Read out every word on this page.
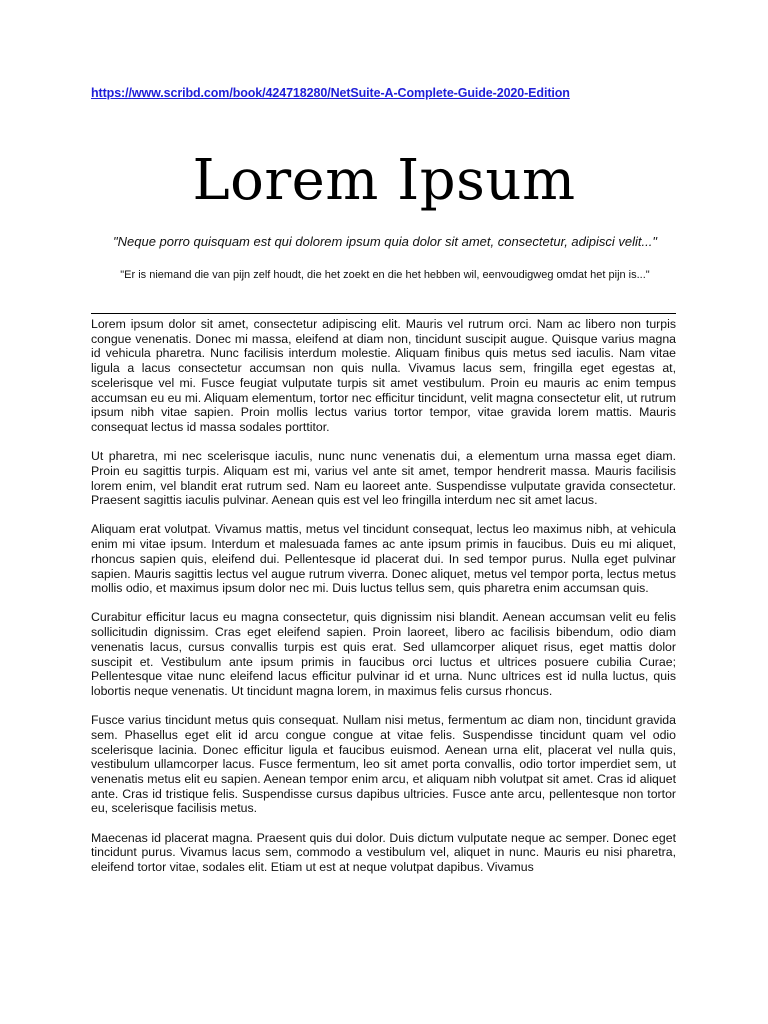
https://www.scribd.com/book/424718280/NetSuite-A-Complete-Guide-2020-Edition
Lorem Ipsum
"Neque porro quisquam est qui dolorem ipsum quia dolor sit amet, consectetur, adipisci velit..."
"Er is niemand die van pijn zelf houdt, die het zoekt en die het hebben wil, eenvoudigweg omdat het pijn is..."

Lorem ipsum dolor sit amet, consectetur adipiscing elit. Mauris vel rutrum orci. Nam ac libero non turpis congue venenatis. Donec mi massa, eleifend at diam non, tincidunt suscipit augue. Quisque varius magna id vehicula pharetra. Nunc facilisis interdum molestie. Aliquam finibus quis metus sed iaculis. Nam vitae ligula a lacus consectetur accumsan non quis nulla. Vivamus lacus sem, fringilla eget egestas at, scelerisque vel mi. Fusce feugiat vulputate turpis sit amet vestibulum. Proin eu mauris ac enim tempus accumsan eu eu mi. Aliquam elementum, tortor nec efficitur tincidunt, velit magna consectetur elit, ut rutrum ipsum nibh vitae sapien. Proin mollis lectus varius tortor tempor, vitae gravida lorem mattis. Mauris consequat lectus id massa sodales porttitor.

Ut pharetra, mi nec scelerisque iaculis, nunc nunc venenatis dui, a elementum urna massa eget diam. Proin eu sagittis turpis. Aliquam est mi, varius vel ante sit amet, tempor hendrerit massa. Mauris facilisis lorem enim, vel blandit erat rutrum sed. Nam eu laoreet ante. Suspendisse vulputate gravida consectetur. Praesent sagittis iaculis pulvinar. Aenean quis est vel leo fringilla interdum nec sit amet lacus.

Aliquam erat volutpat. Vivamus mattis, metus vel tincidunt consequat, lectus leo maximus nibh, at vehicula enim mi vitae ipsum. Interdum et malesuada fames ac ante ipsum primis in faucibus. Duis eu mi aliquet, rhoncus sapien quis, eleifend dui. Pellentesque id placerat dui. In sed tempor purus. Nulla eget pulvinar sapien. Mauris sagittis lectus vel augue rutrum viverra. Donec aliquet, metus vel tempor porta, lectus metus mollis odio, et maximus ipsum dolor nec mi. Duis luctus tellus sem, quis pharetra enim accumsan quis.

Curabitur efficitur lacus eu magna consectetur, quis dignissim nisi blandit. Aenean accumsan velit eu felis sollicitudin dignissim. Cras eget eleifend sapien. Proin laoreet, libero ac facilisis bibendum, odio diam venenatis lacus, cursus convallis turpis est quis erat. Sed ullamcorper aliquet risus, eget mattis dolor suscipit et. Vestibulum ante ipsum primis in faucibus orci luctus et ultrices posuere cubilia Curae; Pellentesque vitae nunc eleifend lacus efficitur pulvinar id et urna. Nunc ultrices est id nulla luctus, quis lobortis neque venenatis. Ut tincidunt magna lorem, in maximus felis cursus rhoncus.

Fusce varius tincidunt metus quis consequat. Nullam nisi metus, fermentum ac diam non, tincidunt gravida sem. Phasellus eget elit id arcu congue congue at vitae felis. Suspendisse tincidunt quam vel odio scelerisque lacinia. Donec efficitur ligula et faucibus euismod. Aenean urna elit, placerat vel nulla quis, vestibulum ullamcorper lacus. Fusce fermentum, leo sit amet porta convallis, odio tortor imperdiet sem, ut venenatis metus elit eu sapien. Aenean tempor enim arcu, et aliquam nibh volutpat sit amet. Cras id aliquet ante. Cras id tristique felis. Suspendisse cursus dapibus ultricies. Fusce ante arcu, pellentesque non tortor eu, scelerisque facilisis metus.

Maecenas id placerat magna. Praesent quis dui dolor. Duis dictum vulputate neque ac semper. Donec eget tincidunt purus. Vivamus lacus sem, commodo a vestibulum vel, aliquet in nunc. Mauris eu nisi pharetra, eleifend tortor vitae, sodales elit. Etiam ut est at neque volutpat dapibus. Vivamus
